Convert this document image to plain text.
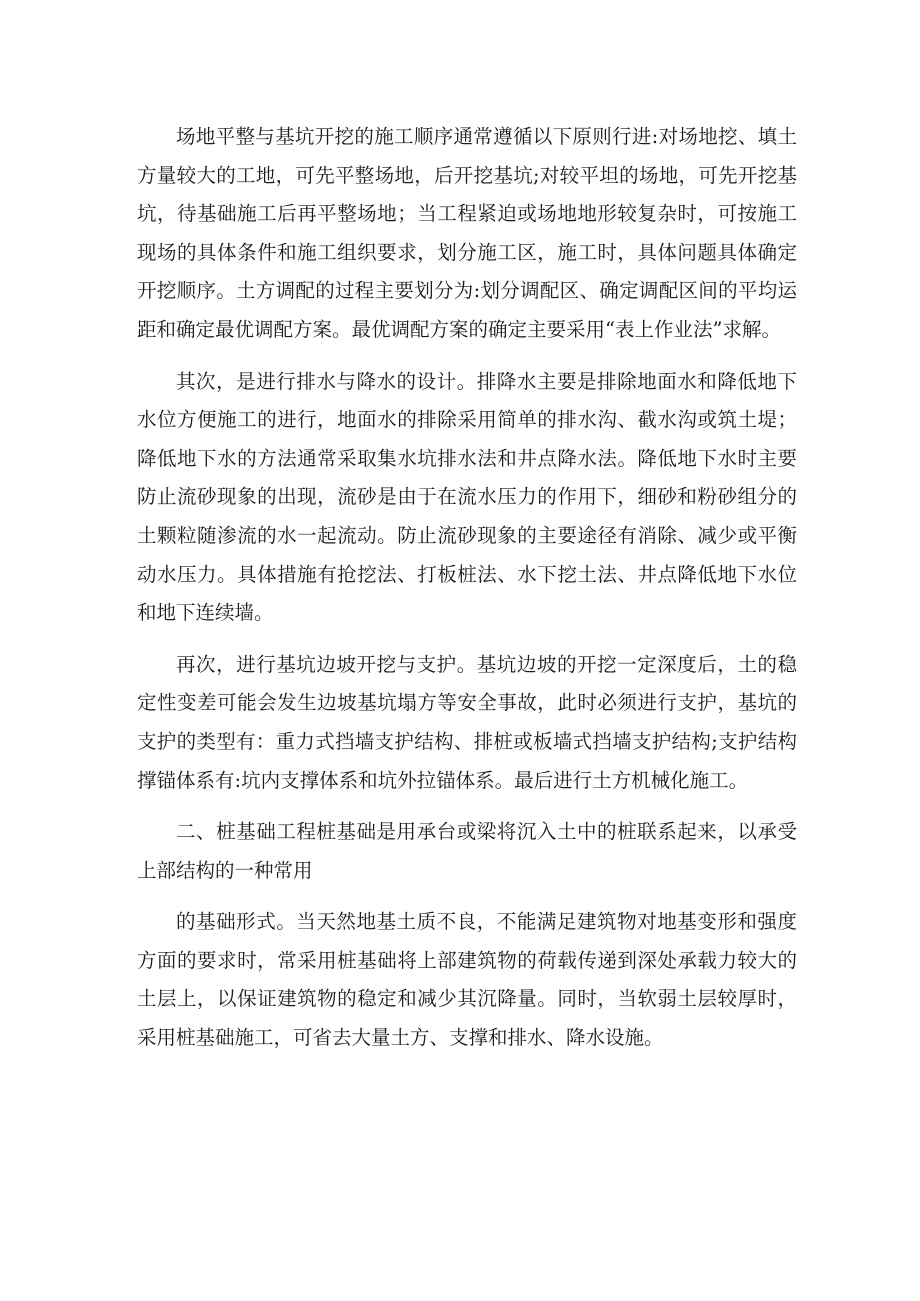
场地平整与基坑开挖的施工顺序通常遵循以下原则行进:对场地挖、填土方量较大的工地，可先平整场地，后开挖基坑;对较平坦的场地，可先开挖基坑，待基础施工后再平整场地；当工程紧迫或场地地形较复杂时，可按施工现场的具体条件和施工组织要求，划分施工区，施工时，具体问题具体确定开挖顺序。土方调配的过程主要划分为:划分调配区、确定调配区间的平均运距和确定最优调配方案。最优调配方案的确定主要采用“表上作业法”求解。

其次，是进行排水与降水的设计。排降水主要是排除地面水和降低地下水位方便施工的进行，地面水的排除采用简单的排水沟、截水沟或筑土堤；降低地下水的方法通常采取集水坑排水法和井点降水法。降低地下水时主要防止流砂现象的出现，流砂是由于在流水压力的作用下，细砂和粉砂组分的土颗粒随渗流的水一起流动。防止流砂现象的主要途径有消除、减少或平衡动水压力。具体措施有抢挖法、打板桩法、水下挖土法、井点降低地下水位和地下连续墙。

再次，进行基坑边坡开挖与支护。基坑边坡的开挖一定深度后，土的稳定性变差可能会发生边坡基坑塌方等安全事故，此时必须进行支护，基坑的支护的类型有：重力式挡墙支护结构、排桩或板墙式挡墙支护结构;支护结构撑锚体系有:坑内支撑体系和坑外拉锚体系。最后进行土方机械化施工。

二、桩基础工程桩基础是用承台或梁将沉入土中的桩联系起来，以承受上部结构的一种常用

的基础形式。当天然地基土质不良，不能满足建筑物对地基变形和强度方面的要求时，常采用桩基础将上部建筑物的荷载传递到深处承载力较大的土层上，以保证建筑物的稳定和减少其沉降量。同时，当软弱土层较厚时，采用桩基础施工，可省去大量土方、支撑和排水、降水设施。
